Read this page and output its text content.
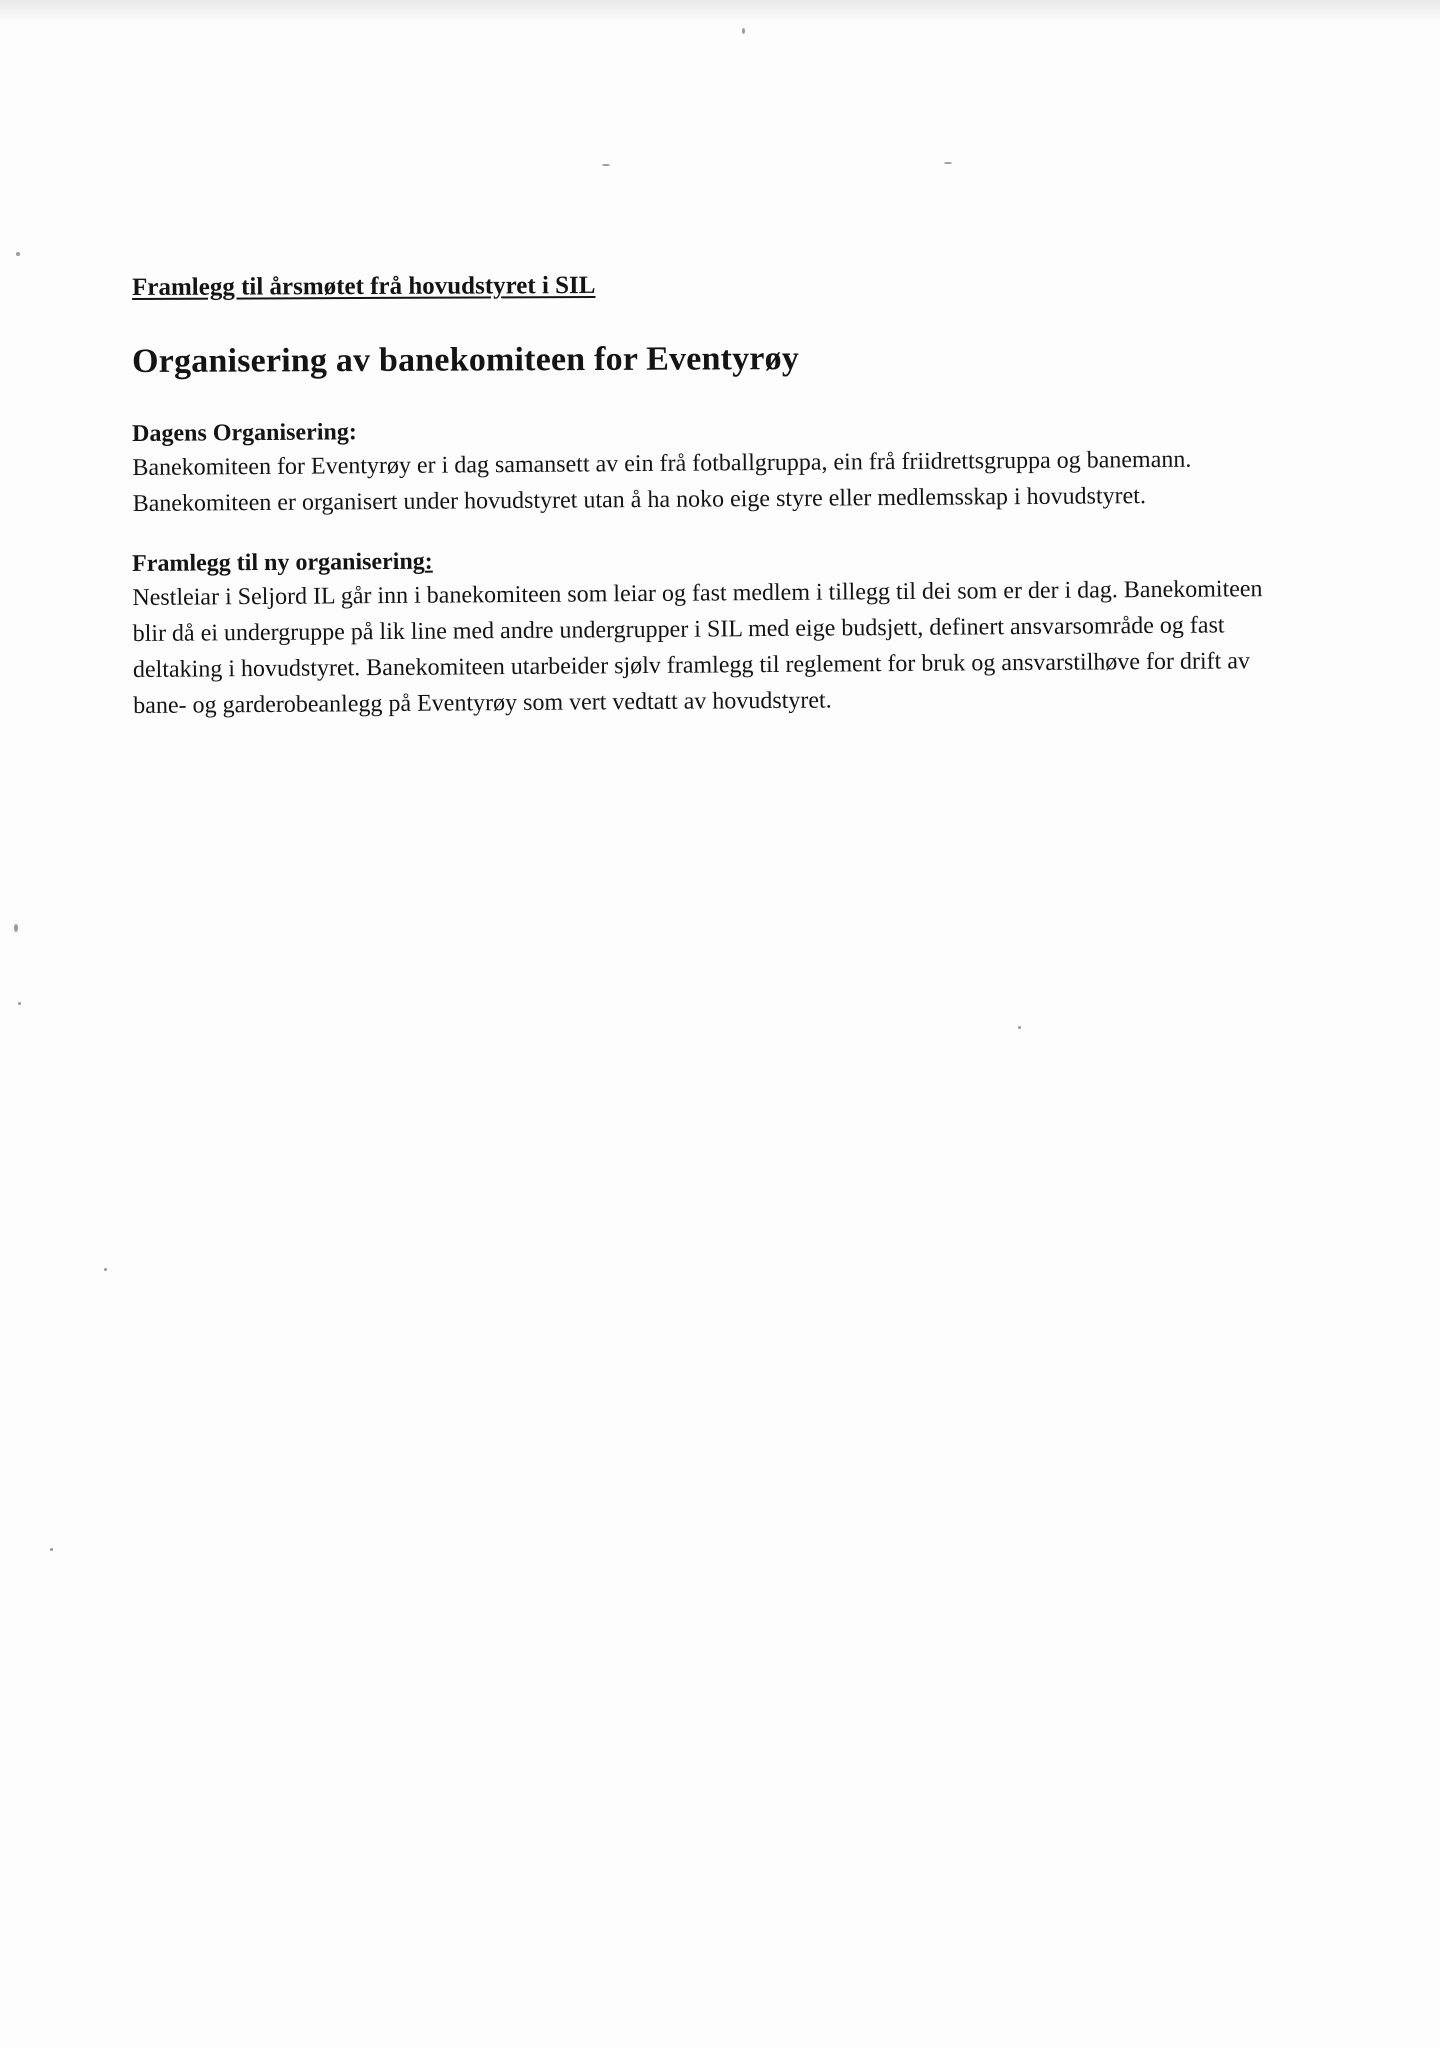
Framlegg til årsmøtet frå hovudstyret i SIL

Organisering av banekomiteen for Eventyrøy

Dagens Organisering:

Banekomiteen for Eventyrøy er i dag samansett av ein frå fotballgruppa, ein frå friidrettsgruppa og banemann. Banekomiteen er organisert under hovudstyret utan å ha noko eige styre eller medlemsskap i hovudstyret.

Framlegg til ny organisering:

Nestleiar i Seljord IL går inn i banekomiteen som leiar og fast medlem i tillegg til dei som er der i dag. Banekomiteen blir då ei undergruppe på lik line med andre undergrupper i SIL med eige budsjett, definert ansvarsområde og fast deltaking i hovudstyret. Banekomiteen utarbeider sjølv framlegg til reglement for bruk og ansvarstilhøve for drift av bane- og garderobeanlegg på Eventyrøy som vert vedtatt av hovudstyret.
